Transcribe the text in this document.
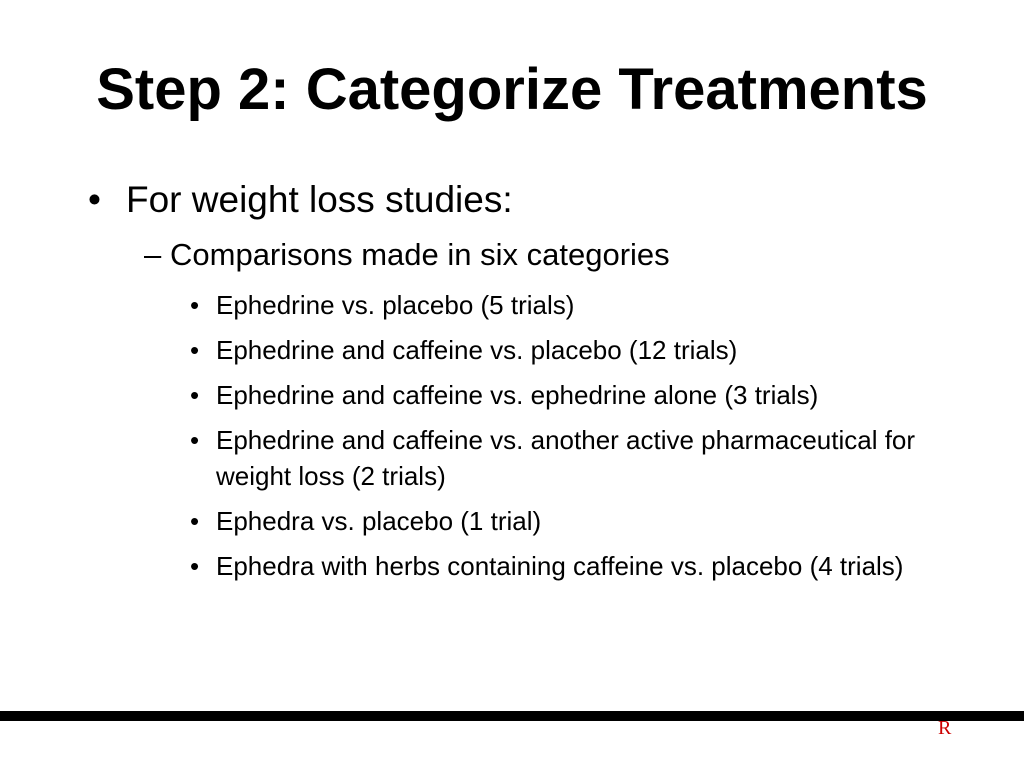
Step 2: Categorize Treatments
• For weight loss studies:
– Comparisons made in six categories
• Ephedrine vs. placebo (5 trials)
• Ephedrine and caffeine vs. placebo (12 trials)
• Ephedrine and caffeine vs. ephedrine alone (3 trials)
• Ephedrine and caffeine vs. another active pharmaceutical for weight loss (2 trials)
• Ephedra vs. placebo (1 trial)
• Ephedra with herbs containing caffeine vs. placebo (4 trials)
R
